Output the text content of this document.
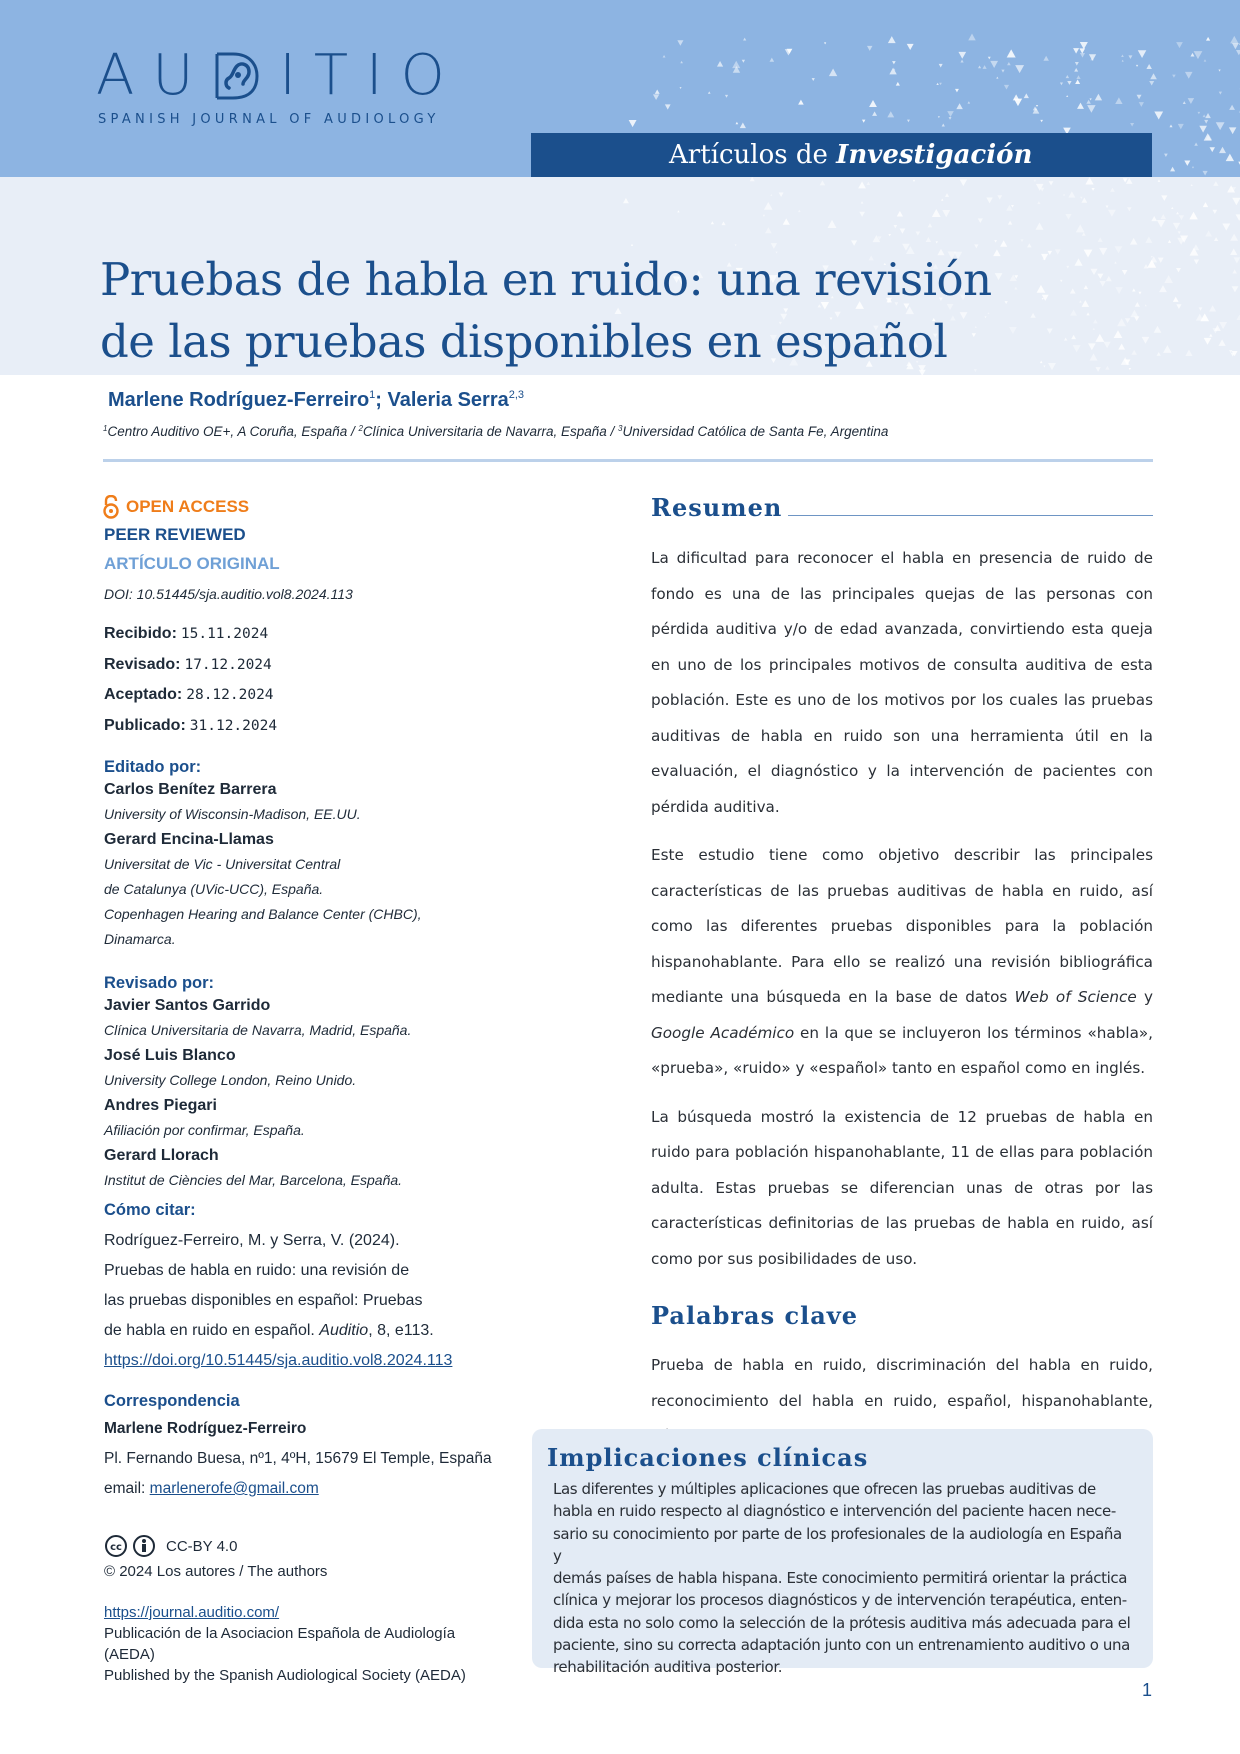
A U I T I O
SPANISH JOURNAL OF AUDIOLOGY
Artículos de Investigación
Pruebas de habla en ruido: una revisión
de las pruebas disponibles en español
Marlene Rodríguez-Ferreiro$^1$; Valeria Serra$^{2,3}$
$^1$Centro Auditivo OE+, A Coruña, España / $^2$Clínica Universitaria de Navarra, España / $^3$Universidad Católica de Santa Fe, Argentina
OPEN ACCESS
PEER REVIEWED
ARTÍCULO ORIGINAL
DOI: 10.51445/sja.auditio.vol8.2024.113
Recibido: 15.11.2024
Revisado: 17.12.2024
Aceptado: 28.12.2024
Publicado: 31.12.2024
Editado por:
Carlos Benítez Barrera
University of Wisconsin-Madison, EE.UU.
Gerard Encina-Llamas
Universitat de Vic - Universitat Central
de Catalunya (UVic-UCC), España.
Copenhagen Hearing and Balance Center (CHBC),
Dinamarca.
Revisado por:
Javier Santos Garrido
Clínica Universitaria de Navarra, Madrid, España.
José Luis Blanco
University College London, Reino Unido.
Andres Piegari
Afiliación por confirmar, España.
Gerard Llorach
Institut de Ciències del Mar, Barcelona, España.
Cómo citar:
Rodríguez-Ferreiro, M. y Serra, V. (2024).
Pruebas de habla en ruido: una revisión de
las pruebas disponibles en español: Pruebas
de habla en ruido en español. Auditio, 8, e113.
https://doi.org/10.51445/sja.auditio.vol8.2024.113
Correspondencia
Marlene Rodríguez-Ferreiro
Pl. Fernando Buesa, nº1, 4ºH, 15679 El Temple, España
email: marlenerofe@gmail.com
cc	CC-BY 4.0
© 2024 Los autores / The authors
https://journal.auditio.com/
Publicación de la Asociacion Española de Audiología (AEDA)
Published by the Spanish Audiological Society (AEDA)
Resumen

La dificultad para reconocer el habla en presencia de ruido de fondo es una de las principales quejas de las personas con pérdida auditiva y/o de edad avanzada, convirtiendo esta queja en uno de los principales motivos de consulta auditiva de esta población. Este es uno de los motivos por los cuales las pruebas auditivas de habla en ruido son una herramienta útil en la evaluación, el diagnóstico y la intervención de pacientes con pérdida auditiva.

Este estudio tiene como objetivo describir las principales características de las pruebas auditivas de habla en ruido, así como las diferentes pruebas disponibles para la población hispanohablante. Para ello se realizó una revisión bibliográfica mediante una búsqueda en la base de datos Web of Science y Google Académico en la que se incluyeron los términos «habla», «prueba», «ruido» y «español» tanto en español como en inglés.

La búsqueda mostró la existencia de 12 pruebas de habla en ruido para población hispanohablante, 11 de ellas para población adulta. Estas pruebas se diferencian unas de otras por las características definitorias de las pruebas de habla en ruido, así como por sus posibilidades de uso.

Palabras clave

Prueba de habla en ruido, discriminación del habla en ruido, reconocimiento del habla en ruido, español, hispanohablante,

Implicaciones clínicas
Las diferentes y múltiples aplicaciones que ofrecen las pruebas auditivas de
habla en ruido respecto al diagnóstico e intervención del paciente hacen nece-
sario su conocimiento por parte de los profesionales de la audiología en España y
demás países de habla hispana. Este conocimiento permitirá orientar la práctica
clínica y mejorar los procesos diagnósticos y de intervención terapéutica, enten-
dida esta no solo como la selección de la prótesis auditiva más adecuada para el
paciente, sino su correcta adaptación junto con un entrenamiento auditivo o una
rehabilitación auditiva posterior.
1
